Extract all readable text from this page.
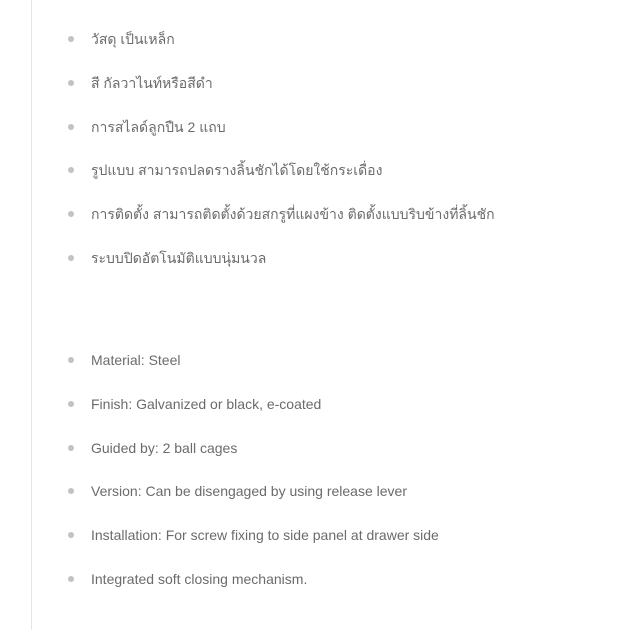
วัสดุ เป็นเหล็ก
สี กัลวาไนท์หรือสีดำ
การสไลด์ลูกปืน 2 แถบ
รูปแบบ สามารถปลดรางลิ้นชักได้โดยใช้กระเดื่อง
การติดตั้ง สามารถติดตั้งด้วยสกรูที่แผงข้าง ติดตั้งแบบริบข้างที่ลิ้นชัก
ระบบปิดอัตโนมัติแบบนุ่มนวล
Material: Steel
Finish: Galvanized or black, e-coated
Guided by: 2 ball cages
Version: Can be disengaged by using release lever
Installation: For screw fixing to side panel at drawer side
Integrated soft closing mechanism.
